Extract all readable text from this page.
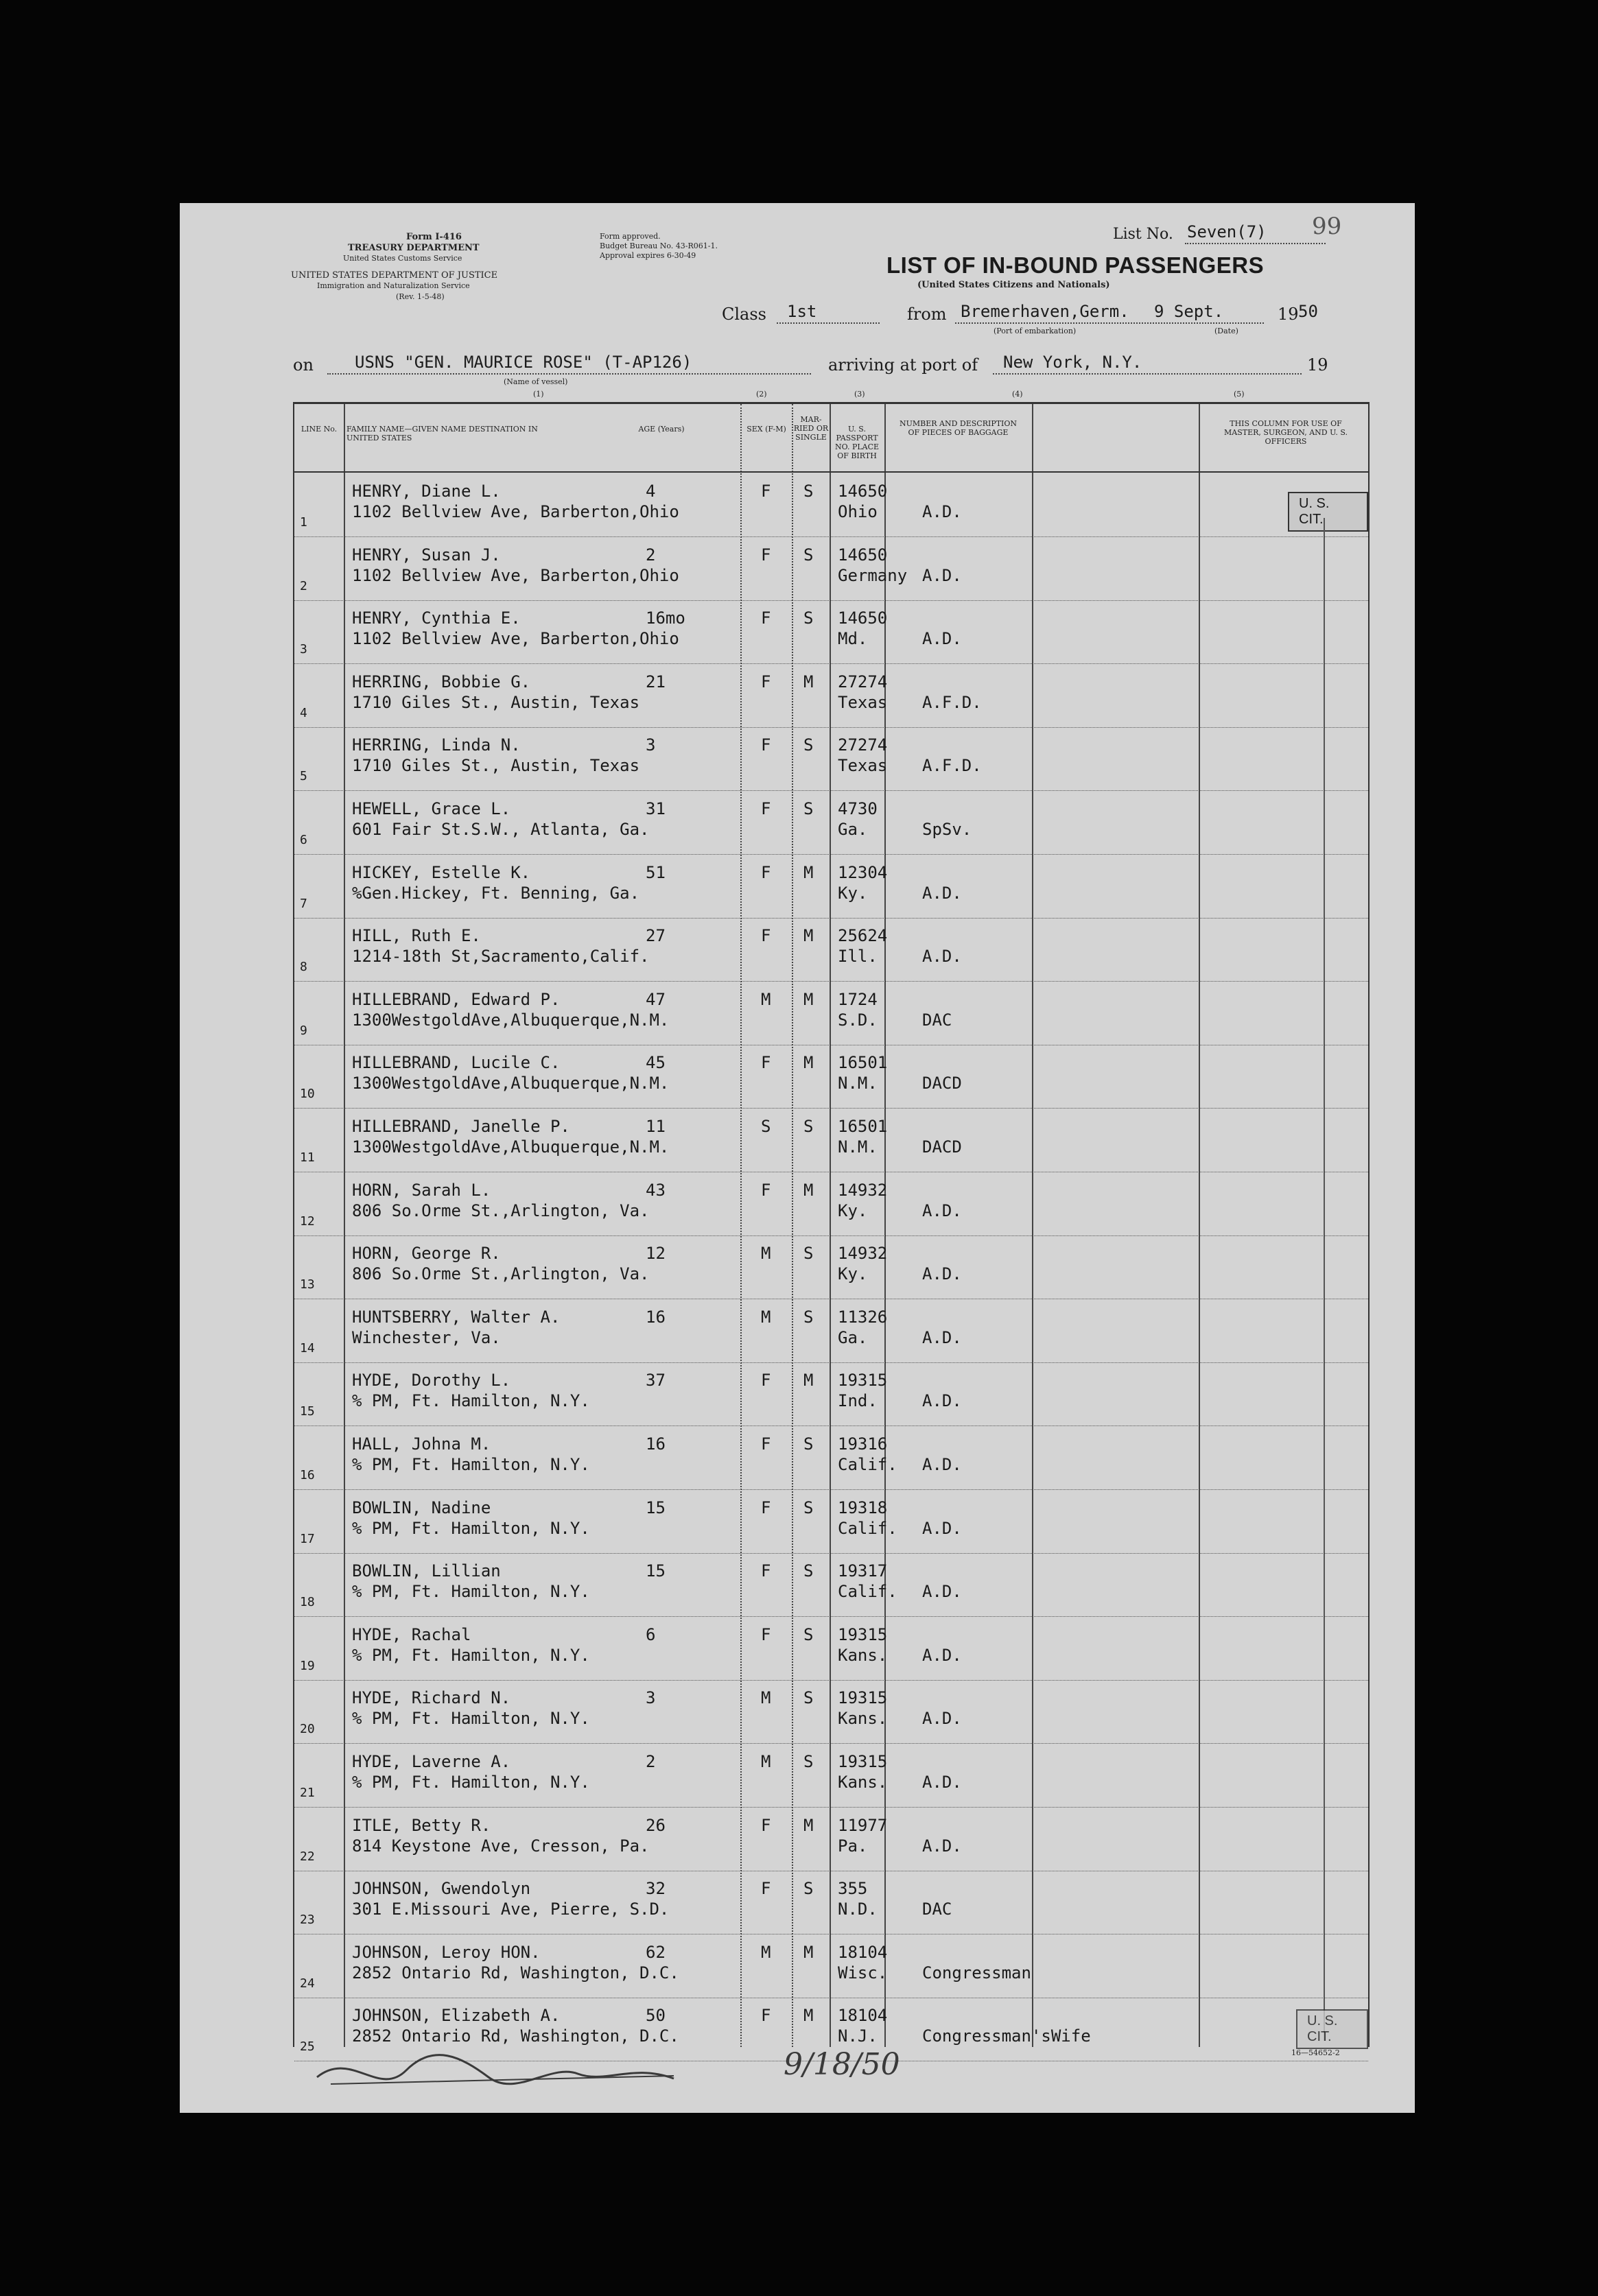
Form I-416
TREASURY DEPARTMENT
United States Customs Service
UNITED STATES DEPARTMENT OF JUSTICE
Immigration and Naturalization Service
(Rev. 1-5-48)
Form approved.
Budget Bureau No. 43-R061-1.
Approval expires 6-30-49
List No. Seven(7) 99
LIST OF IN-BOUND PASSENGERS
(United States Citizens and Nationals)
Class 1st	from Bremerhaven,Germ. 9 Sept.	19 50
(Port of embarkation)	(Date)
on	USNS "GEN. MAURICE ROSE" (T-AP126)	arriving at port of New York, N.Y.	19
(Name of vessel)
(1)	(2)	(3)	(4)	(5)
LINE No.	FAMILY NAME—GIVEN NAME DESTINATION IN UNITED STATES
AGE (Years)	SEX (F-M)
MAR-RIED OR SINGLE
U. S. PASSPORT NO. PLACE OF BIRTH
NUMBER AND DESCRIPTION OF PIECES OF BAGGAGE
THIS COLUMN FOR USE OF MASTER, SURGEON, AND U. S. OFFICERS
1
HENRY, Diane L.
1102 Bellview Ave, Barberton,Ohio
4	F S 14650
Ohio	A.D.
2
HENRY, Susan J.
1102 Bellview Ave, Barberton,Ohio
2	F S 14650
Germany A.D.
3
HENRY, Cynthia E.
1102 Bellview Ave, Barberton,Ohio
16mo	F S 14650
Md.	A.D.
4
HERRING, Bobbie G.
1710 Giles St., Austin, Texas
21	F M 27274
Texas A.F.D.
5
HERRING, Linda N.
1710 Giles St., Austin, Texas
3	F S 27274
Texas A.F.D.
6
HEWELL, Grace L.
601 Fair St.S.W., Atlanta, Ga.
31	F S 4730
Ga.	SpSv.
7
HICKEY, Estelle K.
%Gen.Hickey, Ft. Benning, Ga.
51	F M 12304
Ky.	A.D.
8
HILL, Ruth E.
1214-18th St,Sacramento,Calif.
27	F M 25624
Ill.	A.D.
9
HILLEBRAND, Edward P.
1300WestgoldAve,Albuquerque,N.M.
47	M M 1724
S.D.	DAC
10
HILLEBRAND, Lucile C.
1300WestgoldAve,Albuquerque,N.M.
45	F M 16501
N.M.	DACD
11
HILLEBRAND, Janelle P.
1300WestgoldAve,Albuquerque,N.M.
11	S S 16501
N.M.	DACD
12
HORN, Sarah L.
806 So.Orme St.,Arlington, Va.
43	F M 14932
Ky.	A.D.
13
HORN, George R.
806 So.Orme St.,Arlington, Va.
12	M S 14932
Ky.	A.D.
14
HUNTSBERRY, Walter A.
Winchester, Va.
16	M S 11326
Ga.	A.D.
15
HYDE, Dorothy L.
% PM, Ft. Hamilton, N.Y.
37	F M 19315
Ind.	A.D.
16
HALL, Johna M.
% PM, Ft. Hamilton, N.Y.
16	F S 19316
Calif. A.D.
17
BOWLIN, Nadine
% PM, Ft. Hamilton, N.Y.
15	F S 19318
Calif. A.D.
18
BOWLIN, Lillian
% PM, Ft. Hamilton, N.Y.
15	F S 19317
Calif. A.D.
19
HYDE, Rachal
% PM, Ft. Hamilton, N.Y.
6	F S 19315
Kans. A.D.
20
HYDE, Richard N.
% PM, Ft. Hamilton, N.Y.
3	M S 19315
Kans. A.D.
21
HYDE, Laverne A.
% PM, Ft. Hamilton, N.Y.
2	M S 19315
Kans. A.D.
22
ITLE, Betty R.
814 Keystone Ave, Cresson, Pa.
26	F M 11977
Pa.	A.D.
23
JOHNSON, Gwendolyn
301 E.Missouri Ave, Pierre, S.D.
32	F S 355
N.D.	DAC
24
JOHNSON, Leroy HON.
2852 Ontario Rd, Washington, D.C.
62	M M 18104
Wisc. Congressman
25
JOHNSON, Elizabeth A.
2852 Ontario Rd, Washington, D.C.
50	F M 18104
N.J.	Congressman'sWife
U. S. CIT.
U. S. CIT.
9/18/50	16—54652-2
